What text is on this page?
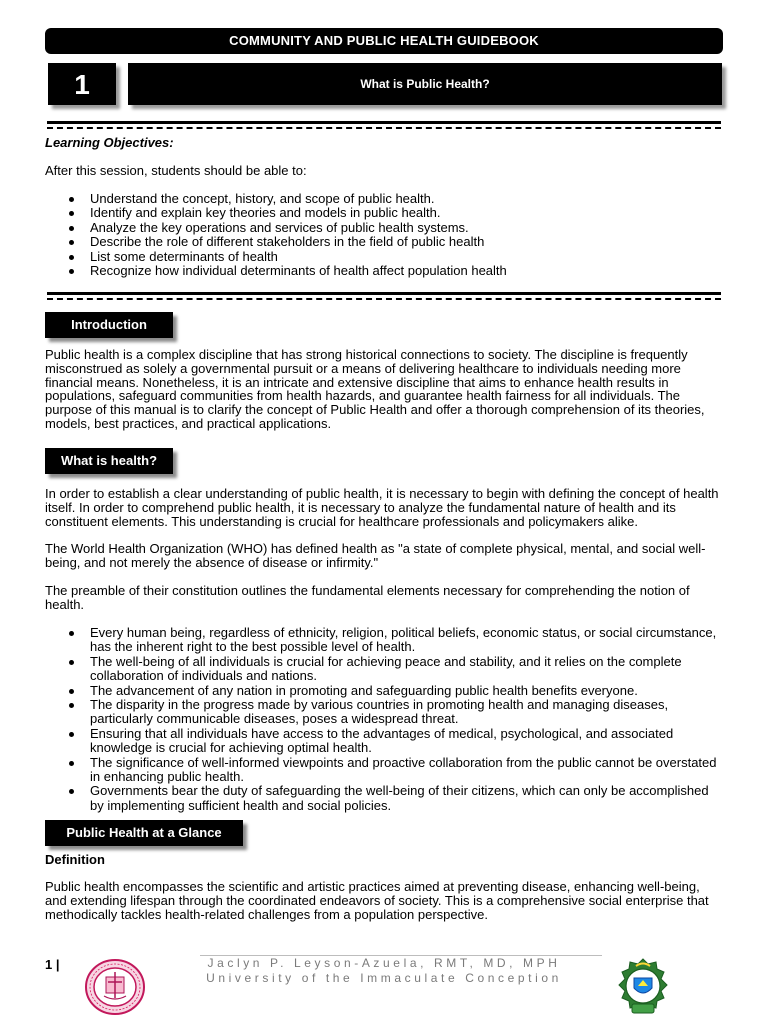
COMMUNITY AND PUBLIC HEALTH GUIDEBOOK
1	What is Public Health?
Learning Objectives:
After this session, students should be able to:
Understand the concept, history, and scope of public health.
Identify and explain key theories and models in public health.
Analyze the key operations and services of public health systems.
Describe the role of different stakeholders in the field of public health
List some determinants of health
Recognize how individual determinants of health affect population health
Introduction
Public health is a complex discipline that has strong historical connections to society. The discipline is frequently misconstrued as solely a governmental pursuit or a means of delivering healthcare to individuals needing more financial means. Nonetheless, it is an intricate and extensive discipline that aims to enhance health results in populations, safeguard communities from health hazards, and guarantee health fairness for all individuals. The purpose of this manual is to clarify the concept of Public Health and offer a thorough comprehension of its theories, models, best practices, and practical applications.
What is health?
In order to establish a clear understanding of public health, it is necessary to begin with defining the concept of health itself. In order to comprehend public health, it is necessary to analyze the fundamental nature of health and its constituent elements. This understanding is crucial for healthcare professionals and policymakers alike.
The World Health Organization (WHO) has defined health as "a state of complete physical, mental, and social well-being, and not merely the absence of disease or infirmity."
The preamble of their constitution outlines the fundamental elements necessary for comprehending the notion of health.
Every human being, regardless of ethnicity, religion, political beliefs, economic status, or social circumstance, has the inherent right to the best possible level of health.
The well-being of all individuals is crucial for achieving peace and stability, and it relies on the complete collaboration of individuals and nations.
The advancement of any nation in promoting and safeguarding public health benefits everyone.
The disparity in the progress made by various countries in promoting health and managing diseases, particularly communicable diseases, poses a widespread threat.
Ensuring that all individuals have access to the advantages of medical, psychological, and associated knowledge is crucial for achieving optimal health.
The significance of well-informed viewpoints and proactive collaboration from the public cannot be overstated in enhancing public health.
Governments bear the duty of safeguarding the well-being of their citizens, which can only be accomplished by implementing sufficient health and social policies.
Public Health at a Glance
Definition
Public health encompasses the scientific and artistic practices aimed at preventing disease, enhancing well-being, and extending lifespan through the coordinated endeavors of society. This is a comprehensive social enterprise that methodically tackles health-related challenges from a population perspective.
1 |	Jaclyn P. Leyson-Azuela, RMT, MD, MPH
University of the Immaculate Conception
